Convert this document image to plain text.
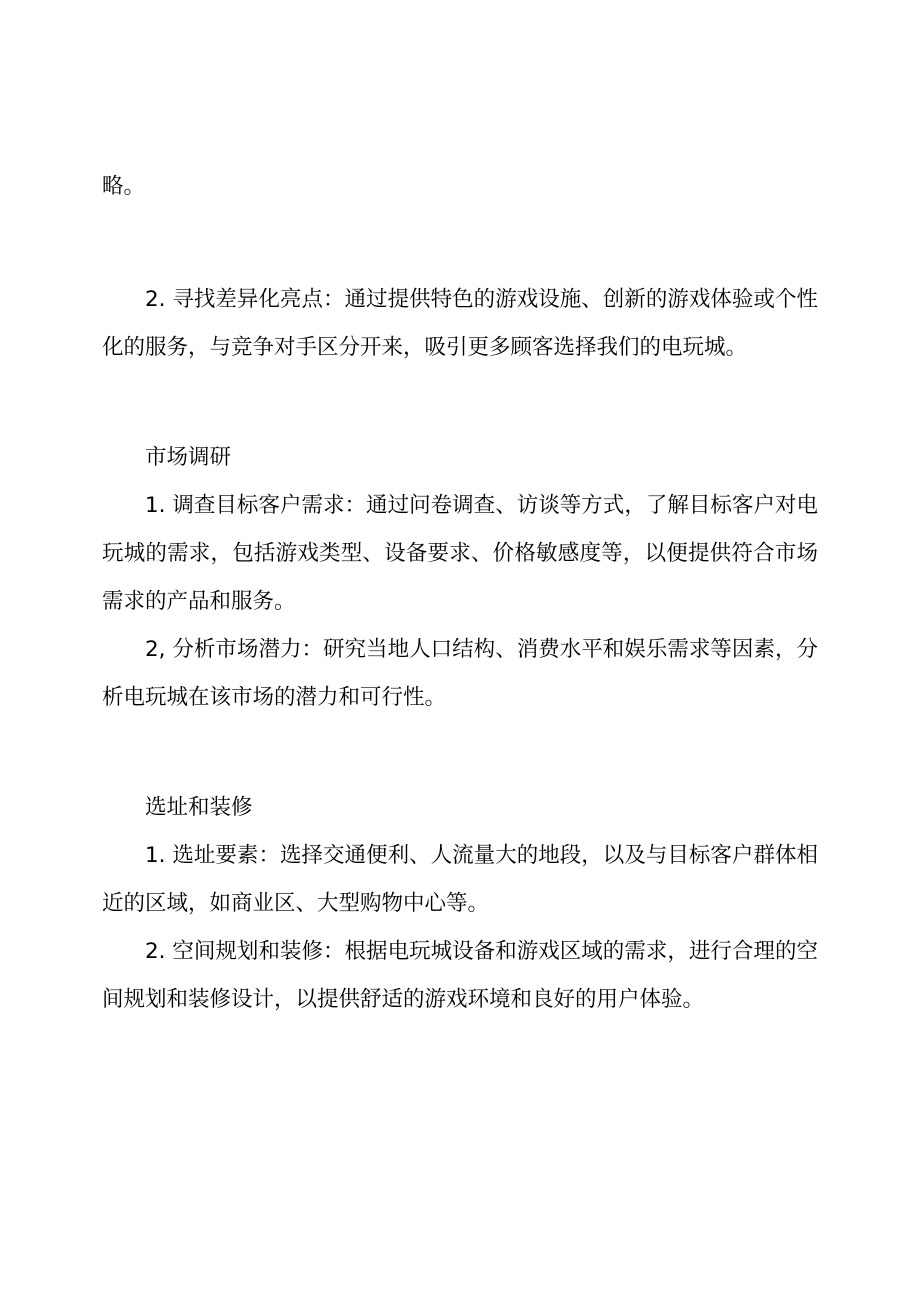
略。

2. 寻找差异化亮点：通过提供特色的游戏设施、创新的游戏体验或个性化的服务，与竞争对手区分开来，吸引更多顾客选择我们的电玩城。

市场调研

1. 调查目标客户需求：通过问卷调查、访谈等方式，了解目标客户对电玩城的需求，包括游戏类型、设备要求、价格敏感度等，以便提供符合市场需求的产品和服务。

2, 分析市场潜力：研究当地人口结构、消费水平和娱乐需求等因素，分析电玩城在该市场的潜力和可行性。

选址和装修

1. 选址要素：选择交通便利、人流量大的地段，以及与目标客户群体相近的区域，如商业区、大型购物中心等。

2. 空间规划和装修：根据电玩城设备和游戏区域的需求，进行合理的空间规划和装修设计，以提供舒适的游戏环境和良好的用户体验。
